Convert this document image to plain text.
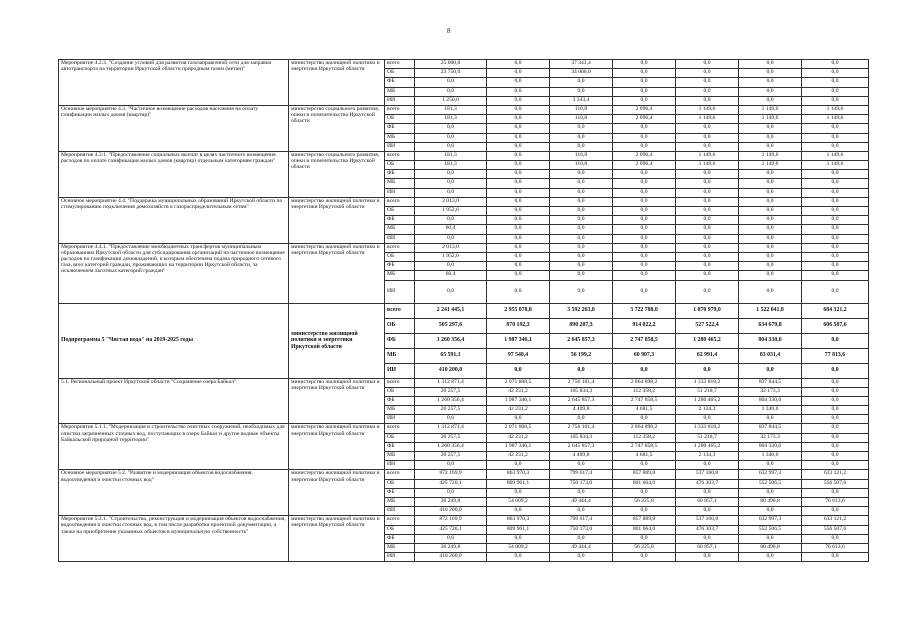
8
Мероприятие 4.2.3. "Создание условий для развития газозаправочной сети для заправки автотранспорта на территории Иркутской области природным газом (метан)"	министерство жилищной политики и энергетики Иркутской области	всего	25 000,0	0,0	37 343,4	0,0	0,0	0,0	0,0
		ОБ	23 750,0	0,0	34 000,0	0,0	0,0	0,0	0,0
		ФБ	0,0	0,0	0,0	0,0	0,0	0,0	0,0
		МБ	0,0	0,0	0,0	0,0	0,0	0,0	0,0
		ИИ	1 250,0	0,0	3 343,4	0,0	0,0	0,0	0,0
Основное мероприятие 4.3. "Частичное возмещение расходов населения на оплату газификации жилых домов (квартир)"	министерство социального развития, опеки и попечительства Иркутской области	всего	181,3	0,0	110,8	2 096,4	1 149,6	1 149,6	1 149,6
		ОБ	181,3	0,0	110,8	2 096,4	1 149,6	1 149,6	1 149,6
		ФБ	0,0	0,0	0,0	0,0	0,0	0,0	0,0
		МБ	0,0	0,0	0,0	0,0	0,0	0,0	0,0
		ИИ	0,0	0,0	0,0	0,0	0,0	0,0	0,0
Мероприятие 4.3.1. "Предоставление социальных выплат в целях частичного возмещения расходов по оплате газификации жилых домов (квартир) отдельным категориям граждан"	министерство социального развития, опеки и попечительства Иркутской области	всего	181,3	0,0	110,8	2 096,4	1 149,6	1 149,6	1 149,6
		ОБ	181,3	0,0	110,8	2 096,4	1 149,6	1 149,6	1 149,6
		ФБ	0,0	0,0	0,0	0,0	0,0	0,0	0,0
		МБ	0,0	0,0	0,0	0,0	0,0	0,0	0,0
		ИИ	0,0	0,0	0,0	0,0	0,0	0,0	0,0
Основное мероприятие 4.4. "Поддержка муниципальных образований Иркутской области по стимулированию подключения домохозяйств к газораспределительным сетям"	министерство жилищной политики и энергетики Иркутской области	всего	2 013,0	0,0	0,0	0,0	0,0	0,0	0,0
		ОБ	1 952,6	0,0	0,0	0,0	0,0	0,0	0,0
		ФБ	0,0	0,0	0,0	0,0	0,0	0,0	0,0
		МБ	60,4	0,0	0,0	0,0	0,0	0,0	0,0
		ИИ	0,0	0,0	0,0	0,0	0,0	0,0	0,0
Мероприятие 4.4.1. "Предоставление межбюджетных трансфертов муниципальным образованиям Иркутской области для субсидирования организаций на частичное возмещение расходов по газификации домовладений, к которым обеспечена подача природного сетевого газа, всех категорий граждан, проживающих на территории Иркутской области, за исключением льготных категорий граждан"	министерство жилищной политики и энергетики Иркутской области	всего	2 013,0	0,0	0,0	0,0	0,0	0,0	0,0
		ОБ	1 952,6	0,0	0,0	0,0	0,0	0,0	0,0
		ФБ	0,0	0,0	0,0	0,0	0,0	0,0	0,0
		МБ	60,4	0,0	0,0	0,0	0,0	0,0	0,0
		ИИ	0,0	0,0	0,0	0,0	0,0	0,0	0,0
Подпрограмма 5 "Чистая вода" на 2019-2025 годы	министерство жилищной политики и энергетики Иркутской области	всего	2 241 445,1	2 955 078,8	3 592 263,8	3 722 788,0	1 870 979,0	1 522 041,8	684 321,2
		ОБ	505 297,6	870 192,3	890 207,3	914 022,2	527 522,4	634 679,8	606 507,6
		ФБ	1 260 356,4	1 987 346,1	2 645 857,3	2 747 858,5	1 280 465,2	804 330,6	0,0
		МБ	65 591,1	97 540,4	56 199,2	60 907,3	62 991,4	83 031,4	77 813,6
		ИИ	410 200,0	0,0	0,0	0,0	0,0	0,0	0,0
5.1. Региональный проект Иркутской области "Сохранение озера Байкал"	министерство жилищной политики и энергетики Иркутской области	всего	1 312 871,4	2 071 808,5	2 756 101,4	2 864 898,2	1 333 818,2	837 844,5	0,0
		ОБ	26 257,5	42 231,2	105 834,3	112 358,2	51 218,7	32 173,3	0,0
		ФБ	1 260 356,4	1 987 346,1	2 645 857,3	2 747 858,5	1 280 465,2	804 330,6	0,0
		МБ	26 257,5	42 231,2	4 409,8	4 681,5	2 134,3	1 340,6	0,0
		ИИ	0,0	0,0	0,0	0,0	0,0	0,0	0,0
Мероприятие 5.1.1. "Модернизация и строительство очистных сооружений, необходимых для очистки загрязненных сточных вод, поступающих в озеро Байкал и другие водные объекты Байкальской природной территории"	министерство жилищной политики и энергетики Иркутской области	всего	1 312 871,4	2 071 808,5	2 756 101,4	2 864 898,2	1 333 818,2	837 844,5	0,0
		ОБ	26 257,5	42 231,2	105 834,3	112 358,2	51 218,7	32 173,3	0,0
		ФБ	1 260 356,4	1 987 346,1	2 645 857,3	2 747 858,5	1 280 465,2	804 330,6	0,0
		МБ	26 257,5	42 231,2	4 409,8	4 681,5	2 134,3	1 340,6	0,0
		ИИ	0,0	0,0	0,0	0,0	0,0	0,0	0,0
Основное мероприятие 5.2. "Развитие и модернизация объектов водоснабжения, водоотведения и очистки сточных вод"	министерство жилищной политики и энергетики Иркутской области	всего	872 169,9	863 970,3	799 617,4	857 889,8	537 160,8	632 997,3	633 121,2
		ОБ	425 720,1	809 961,1	750 173,0	801 664,0	476 303,7	552 506,5	556 507,6
		ФБ	0,0	0,0	0,0	0,0	0,0	0,0	0,0
		МБ	36 249,8	54 009,2	49 444,4	56 225,8	60 857,1	80 490,8	76 613,6
		ИИ	410 200,0	0,0	0,0	0,0	0,0	0,0	0,0
Мероприятие 5.2.1. "Строительство, реконструкция и модернизация объектов водоснабжения, водоотведения и очистки сточных вод, в том числе разработка проектной документации, а также на приобретение указанных объектов в муниципальную собственность"	министерство жилищной политики и энергетики Иркутской области	всего	872 169,9	863 970,3	799 617,4	857 889,8	537 160,8	632 997,3	633 121,2
		ОБ	425 720,1	809 961,1	750 173,0	801 664,0	476 303,7	552 506,5	556 507,6
		ФБ	0,0	0,0	0,0	0,0	0,0	0,0	0,0
		МБ	36 249,8	54 009,2	49 444,4	56 225,8	60 857,1	80 490,8	76 613,6
		ИИ	410 200,0	0,0	0,0	0,0	0,0	0,0	0,0
